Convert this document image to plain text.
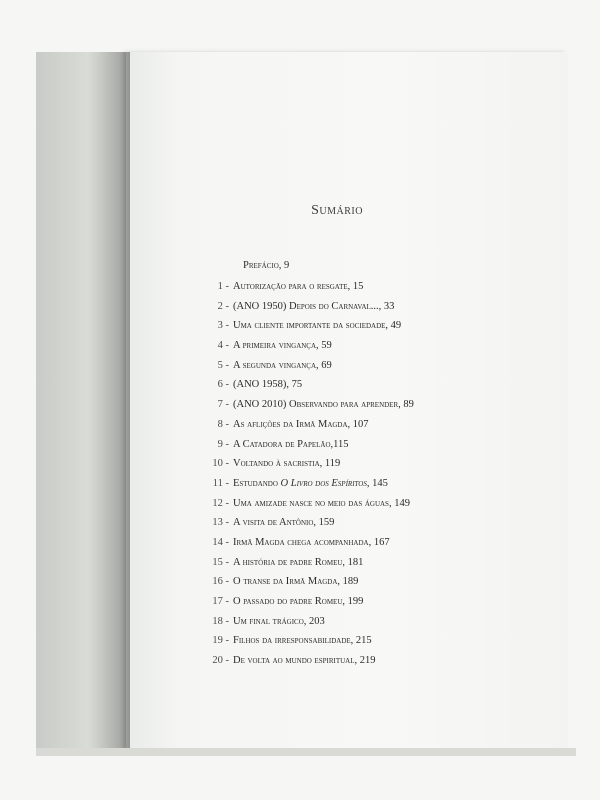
Sumário
Prefácio, 9
1 - Autorização para o resgate, 15
2 - (ANO 1950) Depois do Carnaval..., 33
3 - Uma cliente importante da sociedade, 49
4 - A primeira vingança, 59
5 - A segunda vingança, 69
6 - (ANO 1958), 75
7 - (ANO 2010) Observando para aprender, 89
8 - As aflições da Irmã Magda, 107
9 - A Catadora de Papelão,115
10 - Voltando à sacristia, 119
11 - Estudando O Livro dos Espíritos, 145
12 - Uma amizade nasce no meio das águas, 149
13 - A visita de Antônio, 159
14 - Irmã Magda chega acompanhada, 167
15 - A história de padre Romeu, 181
16 - O transe da Irmã Magda, 189
17 - O passado do padre Romeu, 199
18 - Um final trágico, 203
19 - Filhos da irresponsabilidade, 215
20 - De volta ao mundo espiritual, 219
